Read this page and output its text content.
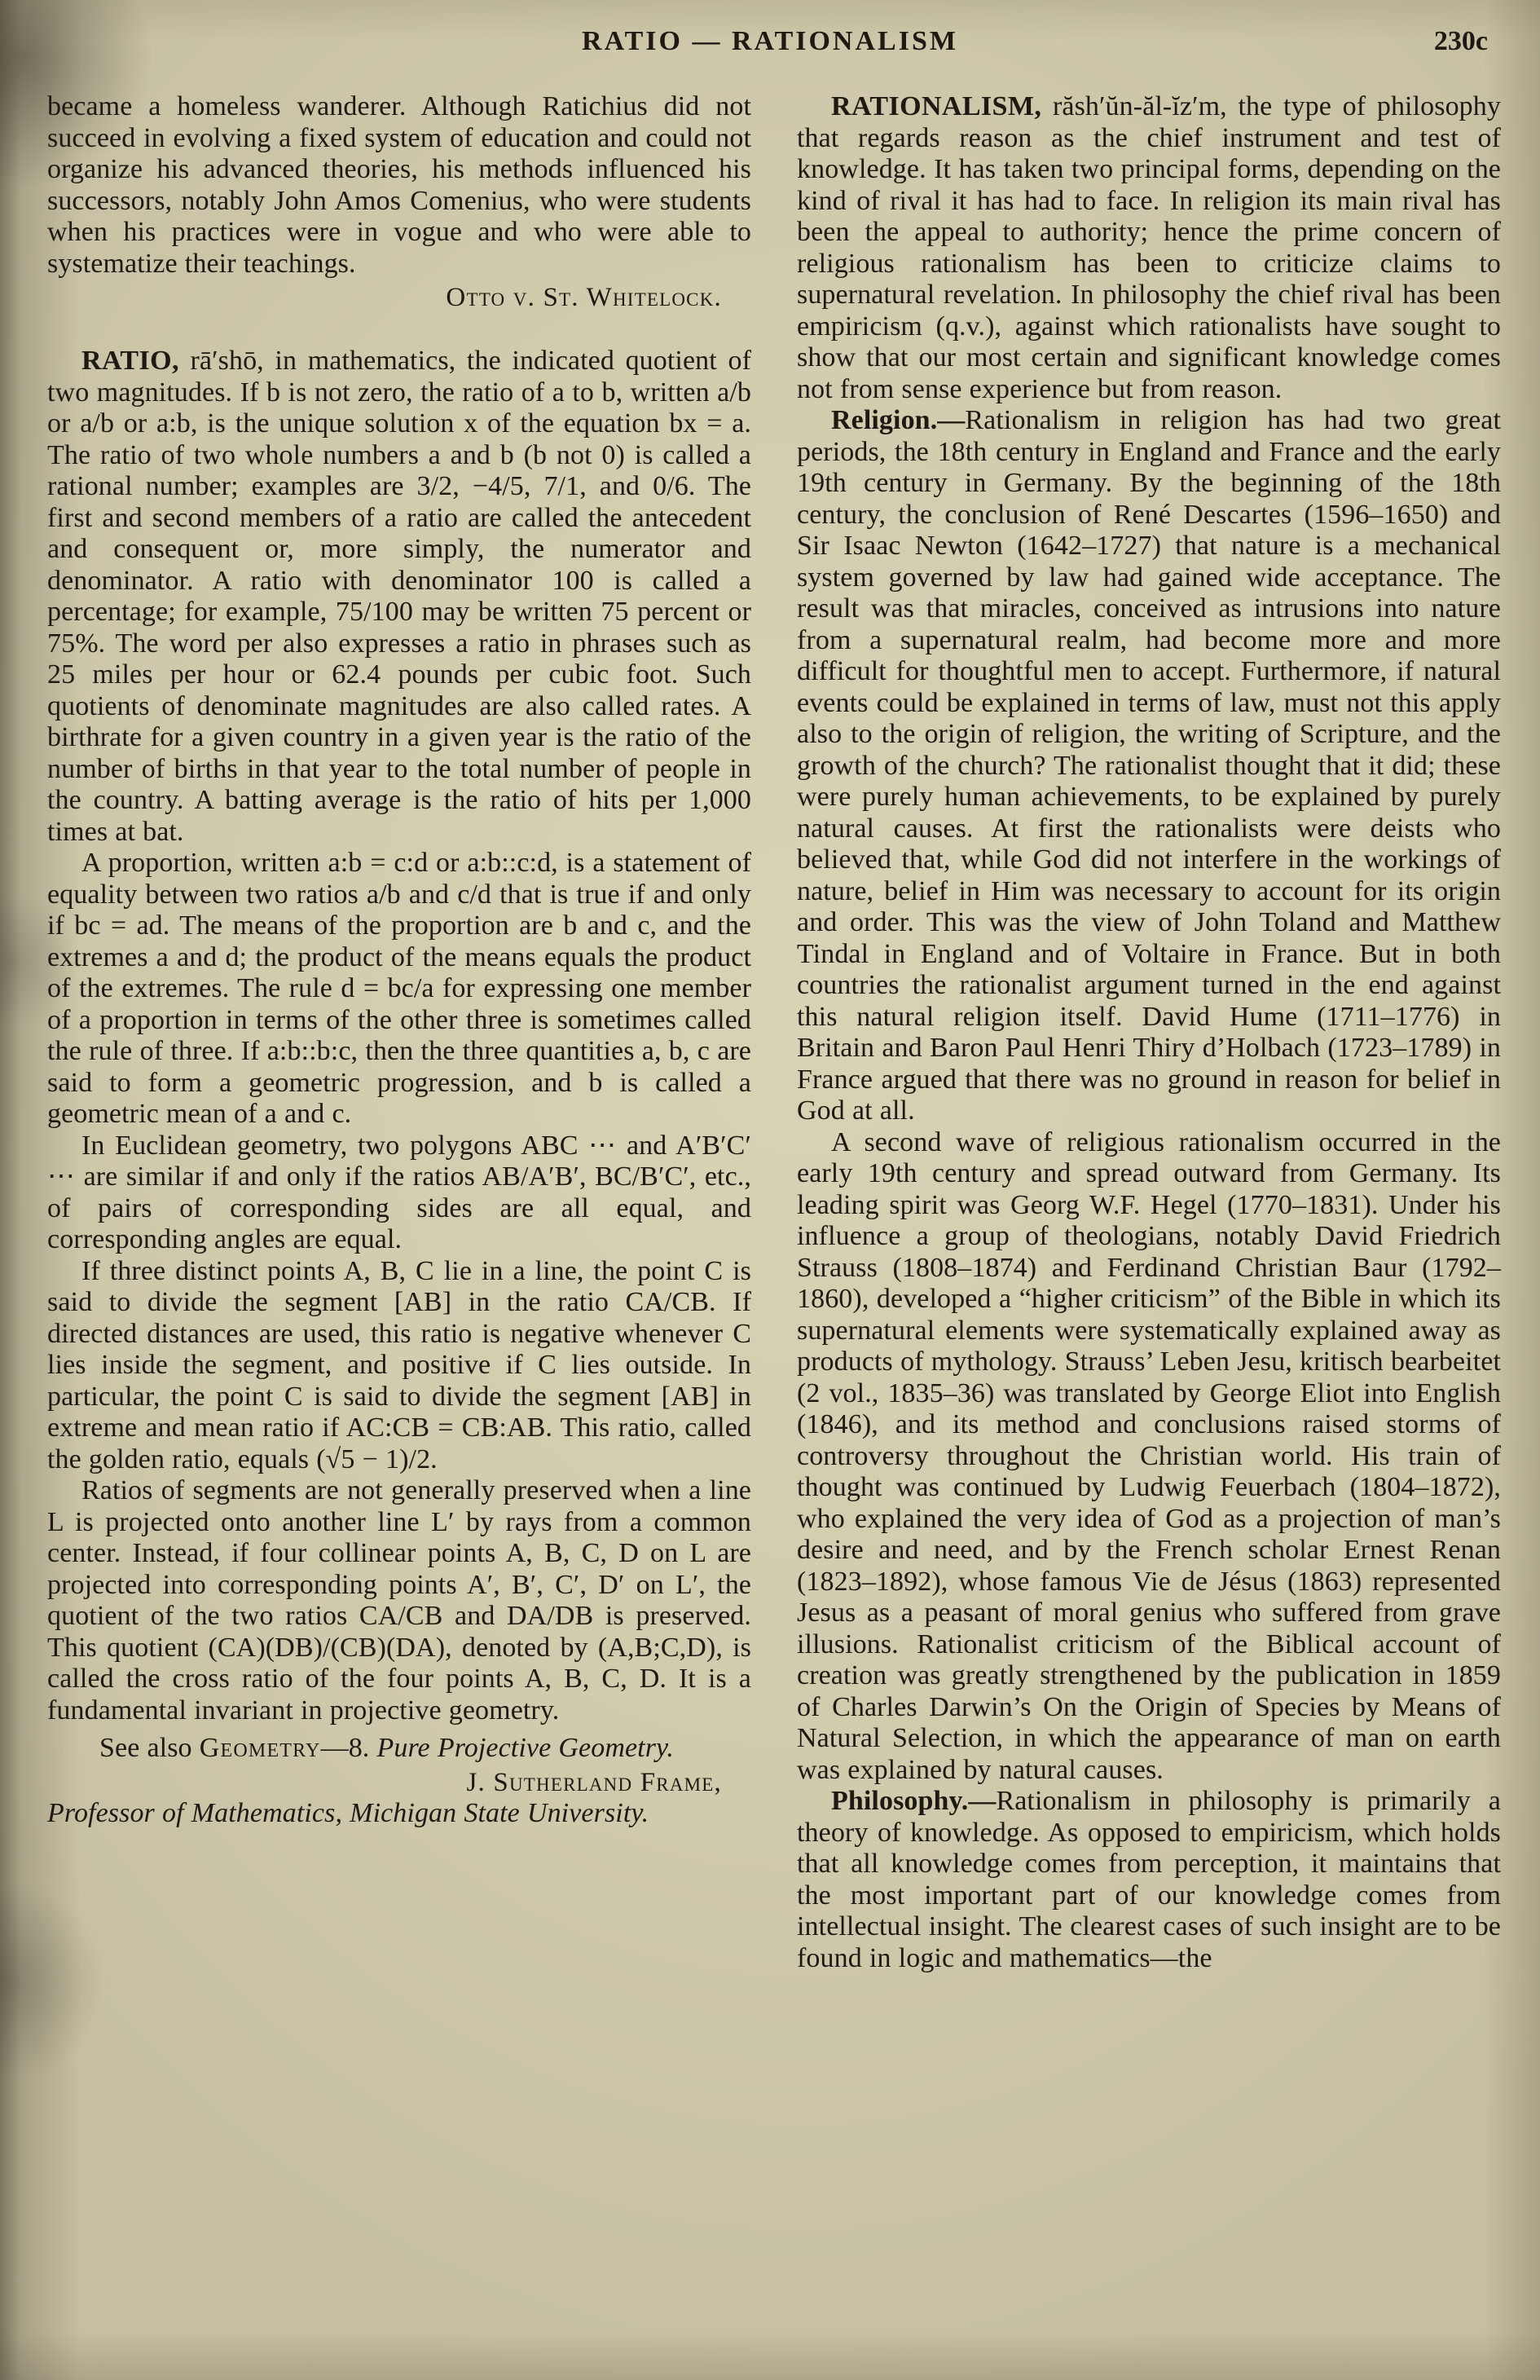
RATIO — RATIONALISM	230c

became a homeless wanderer. Although Ratichius did not succeed in evolving a fixed system of education and could not organize his advanced theories, his methods influenced his successors, notably John Amos Comenius, who were students when his practices were in vogue and who were able to systematize their teachings.

Otto v. St. Whitelock.

RATIO, rā′shō, in mathematics, the indicated quotient of two magnitudes. If b is not zero, the ratio of a to b, written a/b or a/b or a:b, is the unique solution x of the equation bx = a. The ratio of two whole numbers a and b (b not 0) is called a rational number; examples are 3/2, −4/5, 7/1, and 0/6. The first and second members of a ratio are called the antecedent and consequent or, more simply, the numerator and denominator. A ratio with denominator 100 is called a percentage; for example, 75/100 may be written 75 percent or 75%. The word per also expresses a ratio in phrases such as 25 miles per hour or 62.4 pounds per cubic foot. Such quotients of denominate magnitudes are also called rates. A birthrate for a given country in a given year is the ratio of the number of births in that year to the total number of people in the country. A batting average is the ratio of hits per 1,000 times at bat.

A proportion, written a:b = c:d or a:b::c:d, is a statement of equality between two ratios a/b and c/d that is true if and only if bc = ad. The means of the proportion are b and c, and the extremes a and d; the product of the means equals the product of the extremes. The rule d = bc/a for expressing one member of a proportion in terms of the other three is sometimes called the rule of three. If a:b::b:c, then the three quantities a, b, c are said to form a geometric progression, and b is called a geometric mean of a and c.

In Euclidean geometry, two polygons ABC ⋯ and A′B′C′ ⋯ are similar if and only if the ratios AB/A′B′, BC/B′C′, etc., of pairs of corresponding sides are all equal, and corresponding angles are equal.

If three distinct points A, B, C lie in a line, the point C is said to divide the segment [AB] in the ratio CA/CB. If directed distances are used, this ratio is negative whenever C lies inside the segment, and positive if C lies outside. In particular, the point C is said to divide the segment [AB] in extreme and mean ratio if AC:CB = CB:AB. This ratio, called the golden ratio, equals (√5 − 1)/2.

Ratios of segments are not generally preserved when a line L is projected onto another line L′ by rays from a common center. Instead, if four collinear points A, B, C, D on L are projected into corresponding points A′, B′, C′, D′ on L′, the quotient of the two ratios CA/CB and DA/DB is preserved. This quotient (CA)(DB)/(CB)(DA), denoted by (A,B;C,D), is called the cross ratio of the four points A, B, C, D. It is a fundamental invariant in projective geometry.

See also Geometry—8. Pure Projective Geometry.

J. Sutherland Frame,

Professor of Mathematics, Michigan State University.

RATIONALISM, răsh′ŭn-ăl-ĭz′m, the type of philosophy that regards reason as the chief instrument and test of knowledge. It has taken two principal forms, depending on the kind of rival it has had to face. In religion its main rival has been the appeal to authority; hence the prime concern of religious rationalism has been to criticize claims to supernatural revelation. In philosophy the chief rival has been empiricism (q.v.), against which rationalists have sought to show that our most certain and significant knowledge comes not from sense experience but from reason.

Religion.—Rationalism in religion has had two great periods, the 18th century in England and France and the early 19th century in Germany. By the beginning of the 18th century, the conclusion of René Descartes (1596–1650) and Sir Isaac Newton (1642–1727) that nature is a mechanical system governed by law had gained wide acceptance. The result was that miracles, conceived as intrusions into nature from a supernatural realm, had become more and more difficult for thoughtful men to accept. Furthermore, if natural events could be explained in terms of law, must not this apply also to the origin of religion, the writing of Scripture, and the growth of the church? The rationalist thought that it did; these were purely human achievements, to be explained by purely natural causes. At first the rationalists were deists who believed that, while God did not interfere in the workings of nature, belief in Him was necessary to account for its origin and order. This was the view of John Toland and Matthew Tindal in England and of Voltaire in France. But in both countries the rationalist argument turned in the end against this natural religion itself. David Hume (1711–1776) in Britain and Baron Paul Henri Thiry d’Holbach (1723–1789) in France argued that there was no ground in reason for belief in God at all.

A second wave of religious rationalism occurred in the early 19th century and spread outward from Germany. Its leading spirit was Georg W.F. Hegel (1770–1831). Under his influence a group of theologians, notably David Friedrich Strauss (1808–1874) and Ferdinand Christian Baur (1792–1860), developed a “higher criticism” of the Bible in which its supernatural elements were systematically explained away as products of mythology. Strauss’ Leben Jesu, kritisch bearbeitet (2 vol., 1835–36) was translated by George Eliot into English (1846), and its method and conclusions raised storms of controversy throughout the Christian world. His train of thought was continued by Ludwig Feuerbach (1804–1872), who explained the very idea of God as a projection of man’s desire and need, and by the French scholar Ernest Renan (1823–1892), whose famous Vie de Jésus (1863) represented Jesus as a peasant of moral genius who suffered from grave illusions. Rationalist criticism of the Biblical account of creation was greatly strengthened by the publication in 1859 of Charles Darwin’s On the Origin of Species by Means of Natural Selection, in which the appearance of man on earth was explained by natural causes.

Philosophy.—Rationalism in philosophy is primarily a theory of knowledge. As opposed to empiricism, which holds that all knowledge comes from perception, it maintains that the most important part of our knowledge comes from intellectual insight. The clearest cases of such insight are to be found in logic and mathematics—the
